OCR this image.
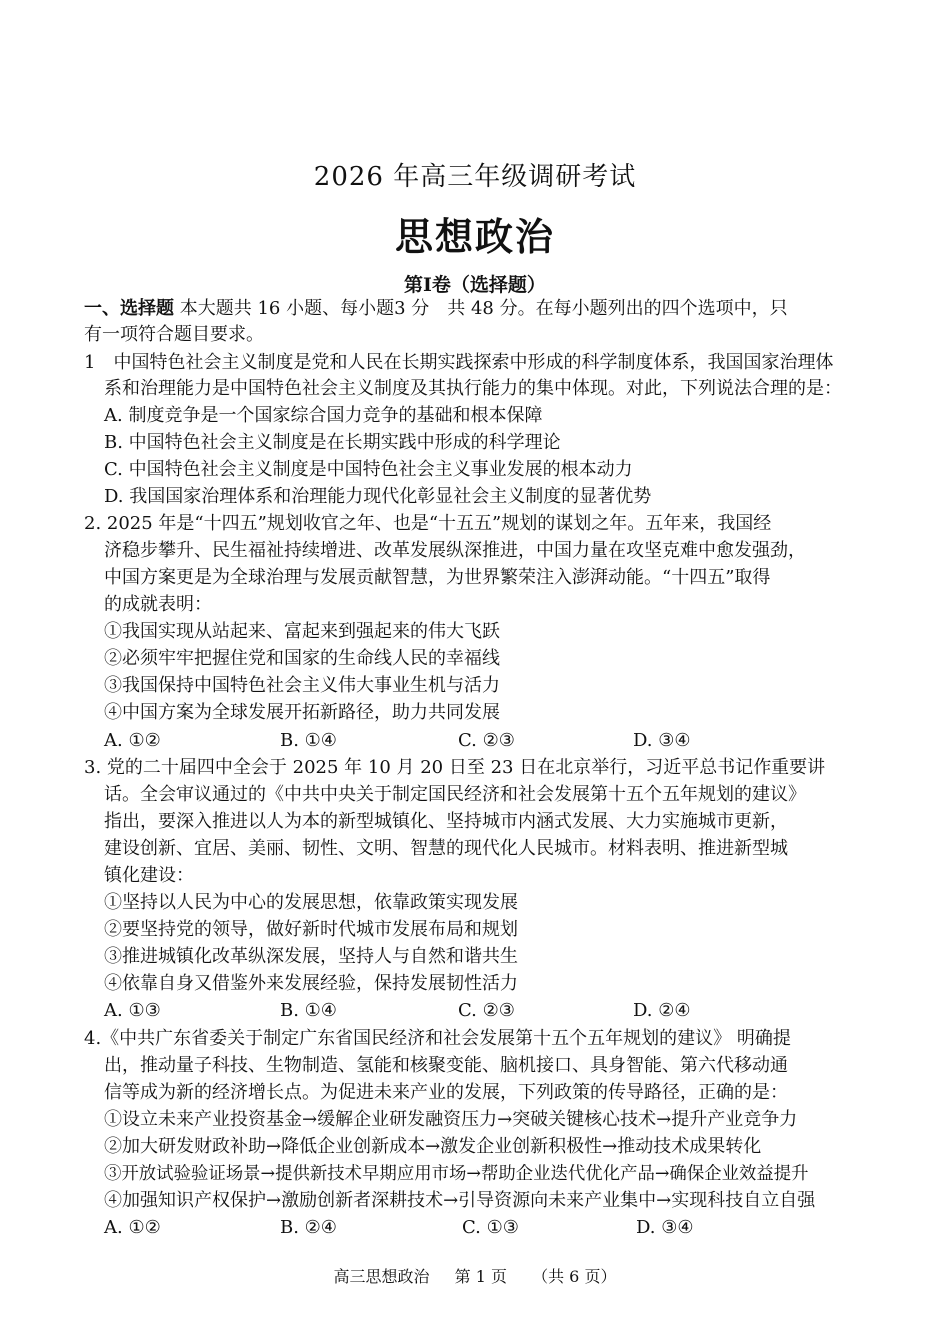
2026 年高三年级调研考试
思想政治
第Ⅰ卷（选择题）
一、选择题 本大题共 16 小题、每小题3 分　共 48 分。在每小题列出的四个选项中，只
有一项符合题目要求。
1　中国特色社会主义制度是党和人民在长期实践探索中形成的科学制度体系，我国国家治理体
系和治理能力是中国特色社会主义制度及其执行能力的集中体现。对此，下列说法合理的是：
A. 制度竞争是一个国家综合国力竞争的基础和根本保障
B. 中国特色社会主义制度是在长期实践中形成的科学理论
C. 中国特色社会主义制度是中国特色社会主义事业发展的根本动力
D. 我国国家治理体系和治理能力现代化彰显社会主义制度的显著优势
2. 2025 年是“十四五”规划收官之年、也是“十五五”规划的谋划之年。五年来，我国经
济稳步攀升、民生福祉持续增进、改革发展纵深推进，中国力量在攻坚克难中愈发强劲，
中国方案更是为全球治理与发展贡献智慧，为世界繁荣注入澎湃动能。“十四五”取得
的成就表明：
①我国实现从站起来、富起来到强起来的伟大飞跃
②必须牢牢把握住党和国家的生命线人民的幸福线
③我国保持中国特色社会主义伟大事业生机与活力
④中国方案为全球发展开拓新路径，助力共同发展
A. ①②	B. ①④	C. ②③	D. ③④
3. 党的二十届四中全会于 2025 年 10 月 20 日至 23 日在北京举行，习近平总书记作重要讲
话。全会审议通过的《中共中央关于制定国民经济和社会发展第十五个五年规划的建议》
指出，要深入推进以人为本的新型城镇化、坚持城市内涵式发展、大力实施城市更新，
建设创新、宜居、美丽、韧性、文明、智慧的现代化人民城市。材料表明、推进新型城
镇化建设：
①坚持以人民为中心的发展思想，依靠政策实现发展
②要坚持党的领导，做好新时代城市发展布局和规划
③推进城镇化改革纵深发展，坚持人与自然和谐共生
④依靠自身又借鉴外来发展经验，保持发展韧性活力
A. ①③	B. ①④	C. ②③	D. ②④
4.《中共广东省委关于制定广东省国民经济和社会发展第十五个五年规划的建议》 明确提
出，推动量子科技、生物制造、氢能和核聚变能、脑机接口、具身智能、第六代移动通
信等成为新的经济增长点。为促进未来产业的发展，下列政策的传导路径，正确的是：
①设立未来产业投资基金→缓解企业研发融资压力→突破关键核心技术→提升产业竞争力
②加大研发财政补助→降低企业创新成本→激发企业创新积极性→推动技术成果转化
③开放试验验证场景→提供新技术早期应用市场→帮助企业迭代优化产品→确保企业效益提升
④加强知识产权保护→激励创新者深耕技术→引导资源向未来产业集中→实现科技自立自强
A. ①②	B. ②④	C. ①③	D. ③④
高三思想政治 第 1 页 （共 6 页）
